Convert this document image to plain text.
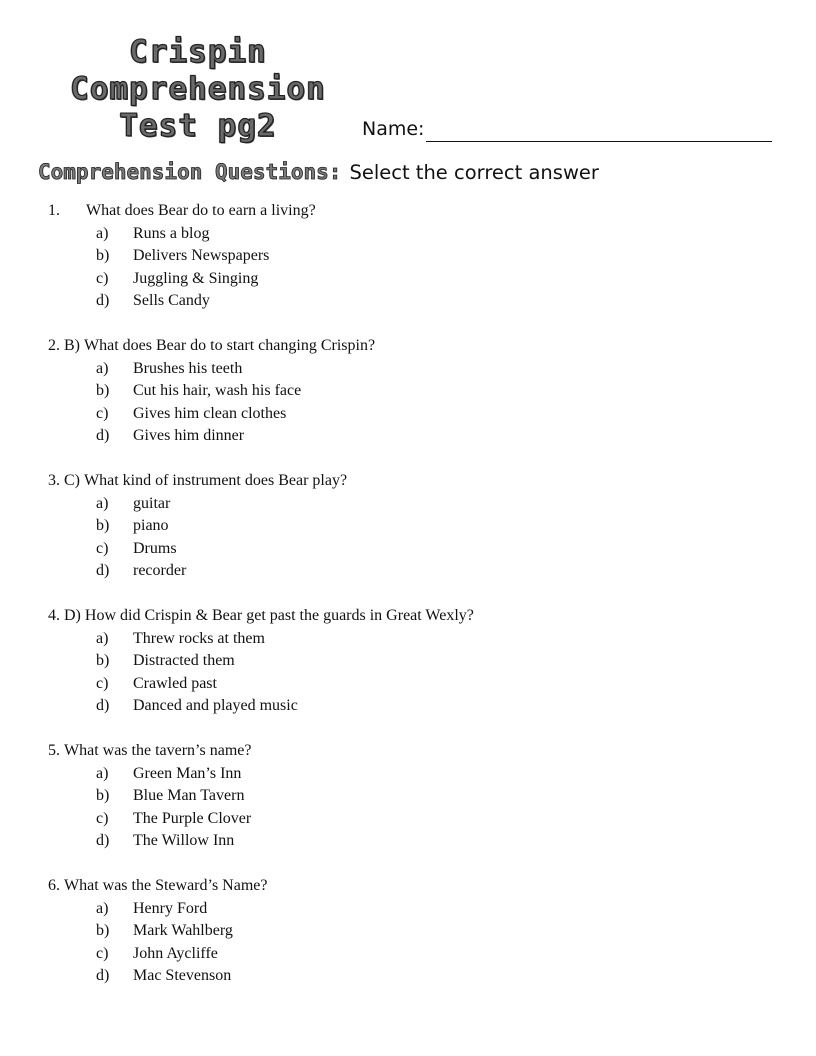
Crispin
Comprehension
Test pg2	Name:
Comprehension Questions: Select the correct answer
1.	What does Bear do to earn a living?
a)	Runs a blog
b)	Delivers Newspapers
c)	Juggling & Singing
d)	Sells Candy
2. B) What does Bear do to start changing Crispin?
a)	Brushes his teeth
b)	Cut his hair, wash his face
c)	Gives him clean clothes
d)	Gives him dinner
3. C) What kind of instrument does Bear play?
a)	guitar
b)	piano
c)	Drums
d)	recorder
4. D) How did Crispin & Bear get past the guards in Great Wexly?
a)	Threw rocks at them
b)	Distracted them
c)	Crawled past
d)	Danced and played music
5. What was the tavern’s name?
a)	Green Man’s Inn
b)	Blue Man Tavern
c)	The Purple Clover
d)	The Willow Inn
6. What was the Steward’s Name?
a)	Henry Ford
b)	Mark Wahlberg
c)	John Aycliffe
d)	Mac Stevenson
